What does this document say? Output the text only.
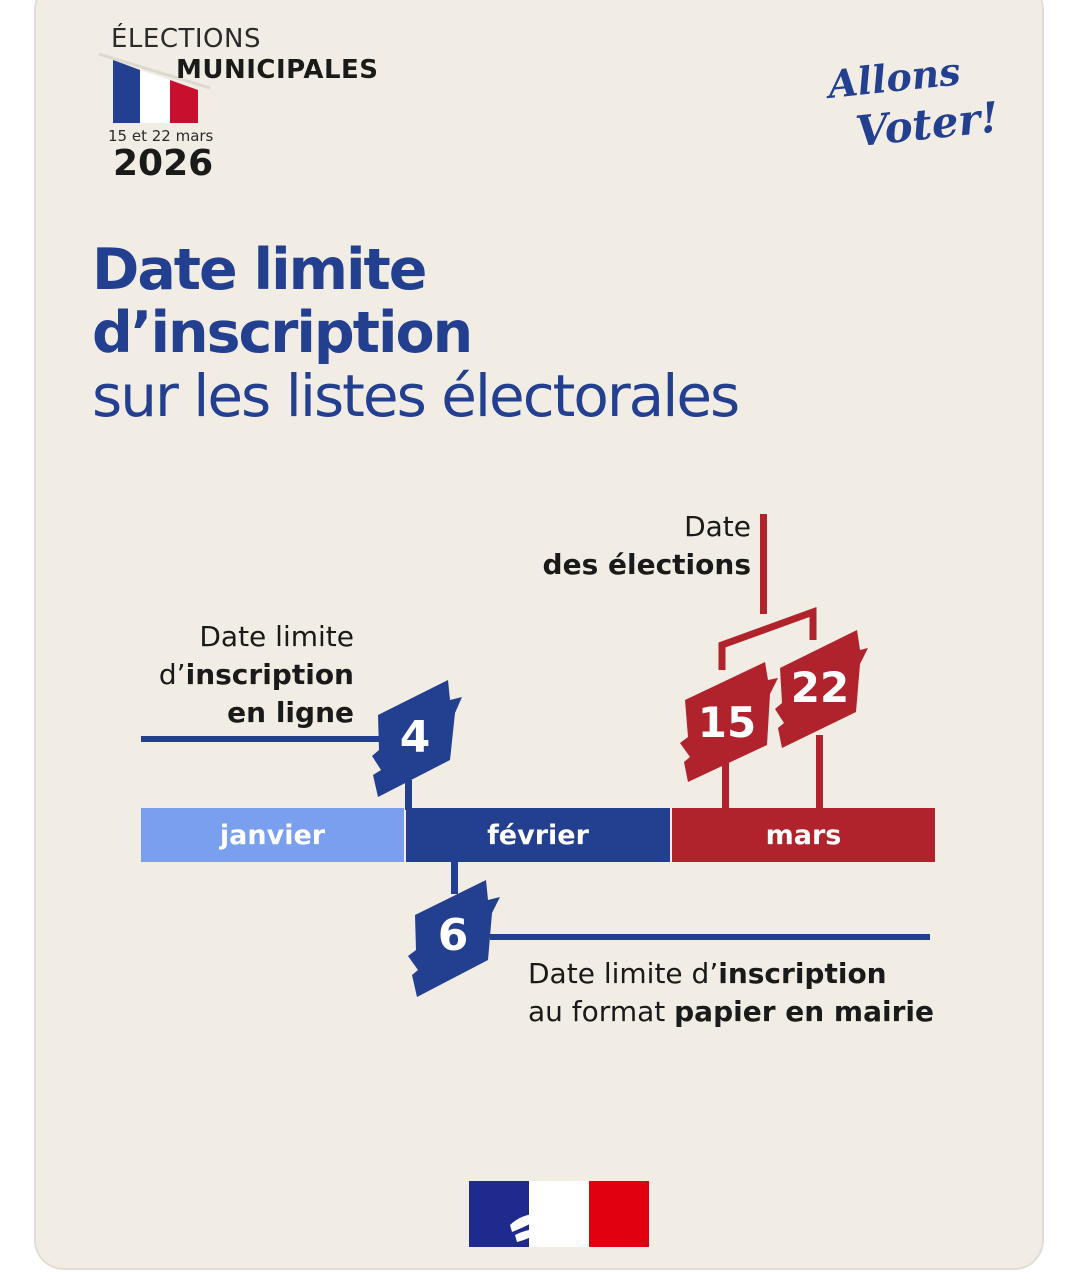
ÉLECTIONS
MUNICIPALES
15 et 22 mars
2026
Allons
Voter!
Date limite
d’inscription
sur les listes électorales
janvier	février	mars
4
6
15
22
Date limite
d’inscription
en ligne
Date
des élections
Date limite d’inscription
au format papier en mairie
